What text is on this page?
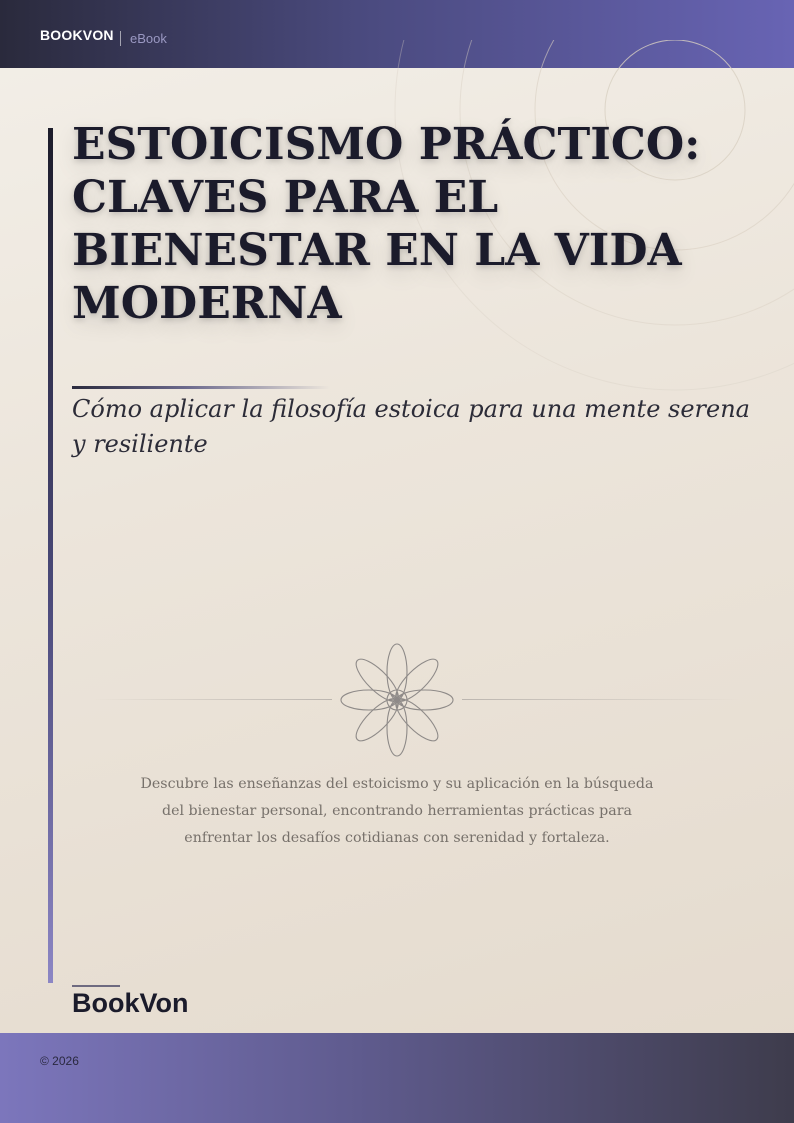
BOOKVON eBook
ESTOICISMO PRÁCTICO: CLAVES PARA EL BIENESTAR EN LA VIDA MODERNA

Cómo aplicar la filosofía estoica para una mente serena y resiliente

Descubre las enseñanzas del estoicismo y su aplicación en la búsqueda del bienestar personal, encontrando herramientas prácticas para enfrentar los desafíos cotidianas con serenidad y fortaleza.

BookVon

© 2026
